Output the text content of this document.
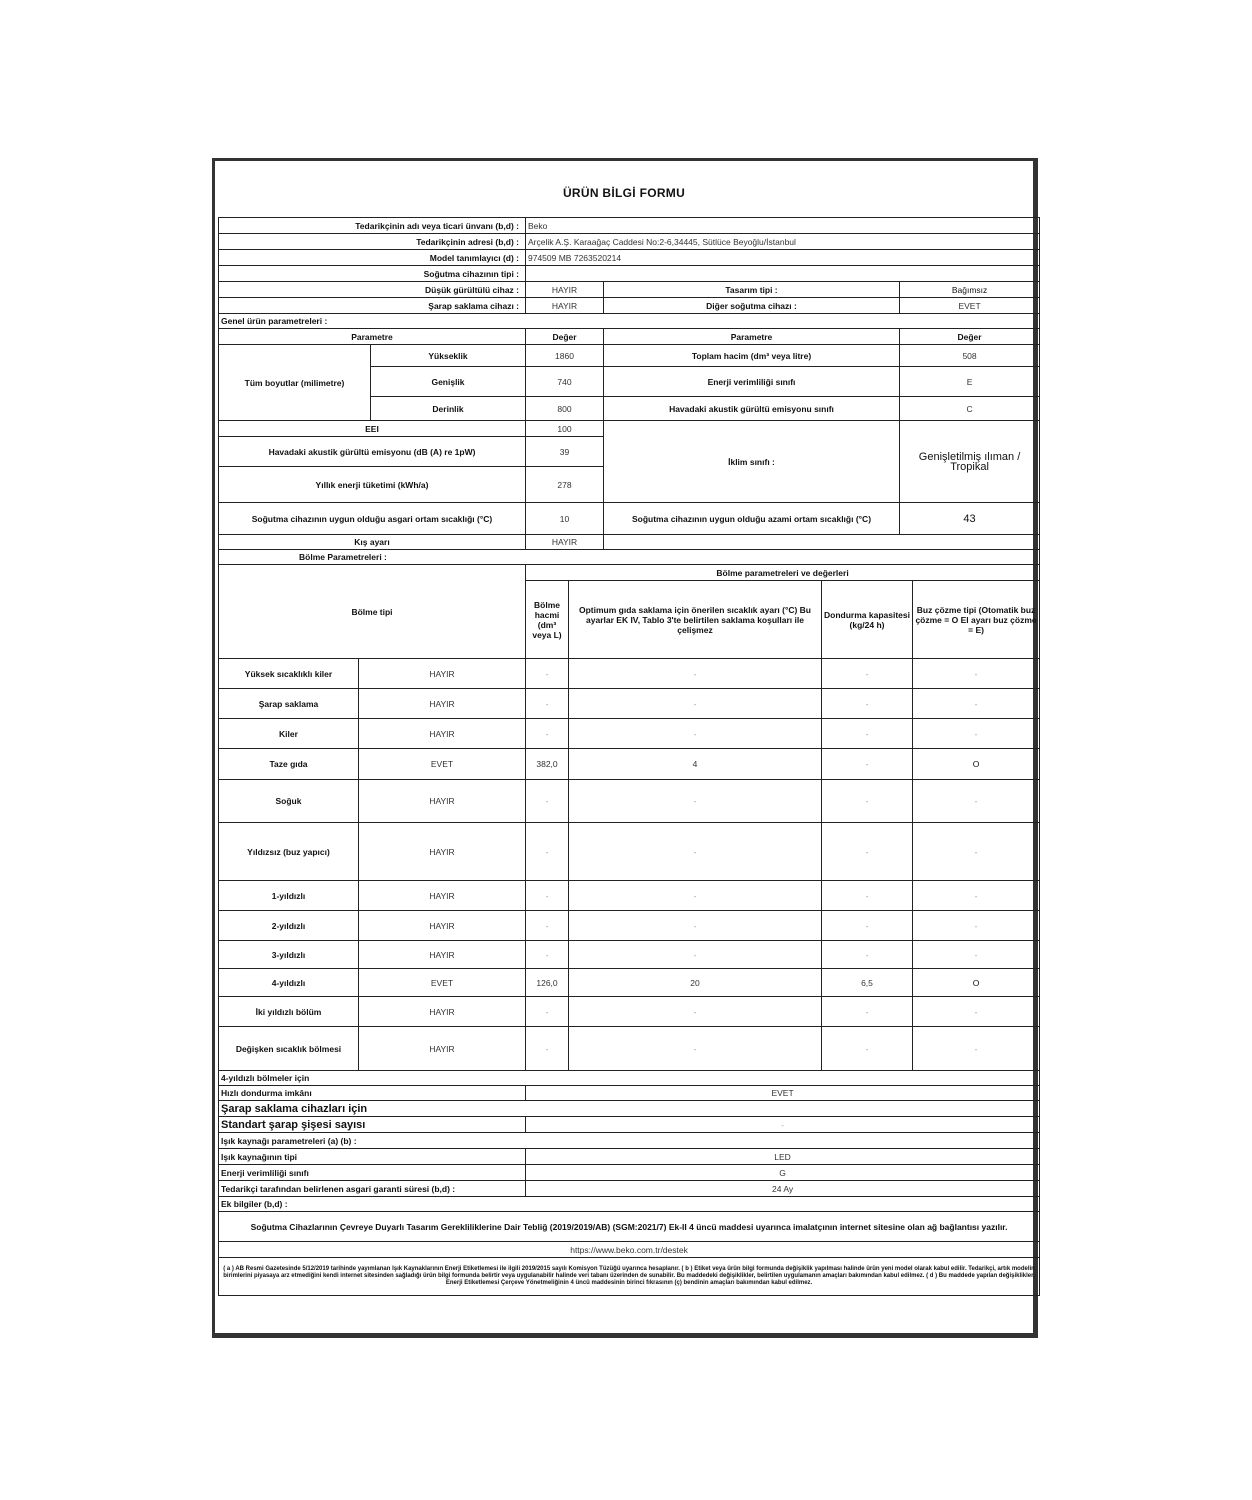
ÜRÜN BİLGİ FORMU
Tedarikçinin adı veya ticari ünvanı (b,d) :			Beko					
Tedarikçinin adresi (b,d) :			Arçelik A.Ş. Karaağaç Caddesi No:2-6,34445, Sütlüce Beyoğlu/İstanbul					
Model tanımlayıcı (d) :			974509 MB 7263520214					
Soğutma cihazının tipi :								
Düşük gürültülü cihaz :			HAYIR		Tasarım tipi :		Bağımsız	
Şarap saklama cihazı :			HAYIR		Diğer soğutma cihazı :		EVET	
Genel ürün parametreleri :								
Parametre			Değer		Parametre		Değer	
Tüm boyutlar (milimetre)		Yükseklik	1860		Toplam hacim (dm³ veya litre)		508	
		Genişlik	740		Enerji verimliliği sınıfı		E	
		Derinlik	800		Havadaki akustik gürültü emisyonu sınıfı		C	
EEI			100		İklim sınıfı :		Genişletilmiş ılıman / Tropikal	
Havadaki akustik gürültü emisyonu (dB (A) re 1pW)			39					
Yıllık enerji tüketimi (kWh/a)			278					
Soğutma cihazının uygun olduğu asgari ortam sıcaklığı (°C)			10		Soğutma cihazının uygun olduğu azami ortam sıcaklığı (°C)		43	
Kış ayarı			HAYIR					
Bölme Parametreleri :								
Bölme tipi			Bölme parametreleri ve değerleri					
			Bölme hacmi (dm³ veya L)	Optimum gıda saklama için önerilen sıcaklık ayarı (°C) Bu ayarlar EK IV, Tablo 3'te belirtilen saklama koşulları ile çelişmez		Dondurma kapasitesi (kg/24 h)		Buz çözme tipi (Otomatik buz çözme = O El ayarı buz çözme = E)
Yüksek sıcaklıklı kiler	HAYIR		-	-		-		-
Şarap saklama	HAYIR		-	-		-		-
Kiler	HAYIR		-	-		-		-
Taze gıda	EVET		382,0	4		-		O
Soğuk	HAYIR		-	-		-		-
Yıldızsız (buz yapıcı)	HAYIR		-	-		-		-
1-yıldızlı	HAYIR		-	-		-		-
2-yıldızlı	HAYIR		-	-		-		-
3-yıldızlı	HAYIR		-	-		-		-
4-yıldızlı	EVET		126,0	20		6,5		O
İki yıldızlı bölüm	HAYIR		-	-		-		-
Değişken sıcaklık bölmesi	HAYIR		-	-		-		-
4-yıldızlı bölmeler için								
Hızlı dondurma imkânı			EVET					
Şarap saklama cihazları için								
Standart şarap şişesi sayısı			-					
Işık kaynağı parametreleri (a) (b) :								
Işık kaynağının tipi			LED					
Enerji verimliliği sınıfı			G					
Tedarikçi tarafından belirlenen asgari garanti süresi (b,d) :			24 Ay					
Ek bilgiler (b,d) :								
Soğutma Cihazlarının Çevreye Duyarlı Tasarım Gerekliliklerine Dair Tebliğ (2019/2019/AB) (SGM:2021/7) Ek-II 4 üncü maddesi uyarınca imalatçının internet sitesine olan ağ bağlantısı yazılır.								
https://www.beko.com.tr/destek								
( a ) AB Resmi Gazetesinde 5/12/2019 tarihinde yayımlanan Işık Kaynaklarının Enerji Etiketlemesi ile ilgili 2019/2015 sayılı Komisyon Tüzüğü uyarınca hesaplanır. ( b ) Etiket veya ürün bilgi formunda değişiklik yapılması halinde ürün yeni model olarak kabul edilir. Tedarikçi, artık modelin birimlerini piyasaya arz etmediğini kendi internet sitesinden sağladığı ürün bilgi formunda belirtir veya uygulanabilir halinde veri tabanı üzerinden de sunabilir. Bu maddedeki değişiklikler, belirtilen uygulamanın amaçları bakımından kabul edilmez. ( d ) Bu maddede yapılan değişiklikler, Enerji Etiketlemesi Çerçeve Yönetmeliğinin 4 üncü maddesinin birinci fıkrasının (ç) bendinin amaçları bakımından kabul edilmez.								
